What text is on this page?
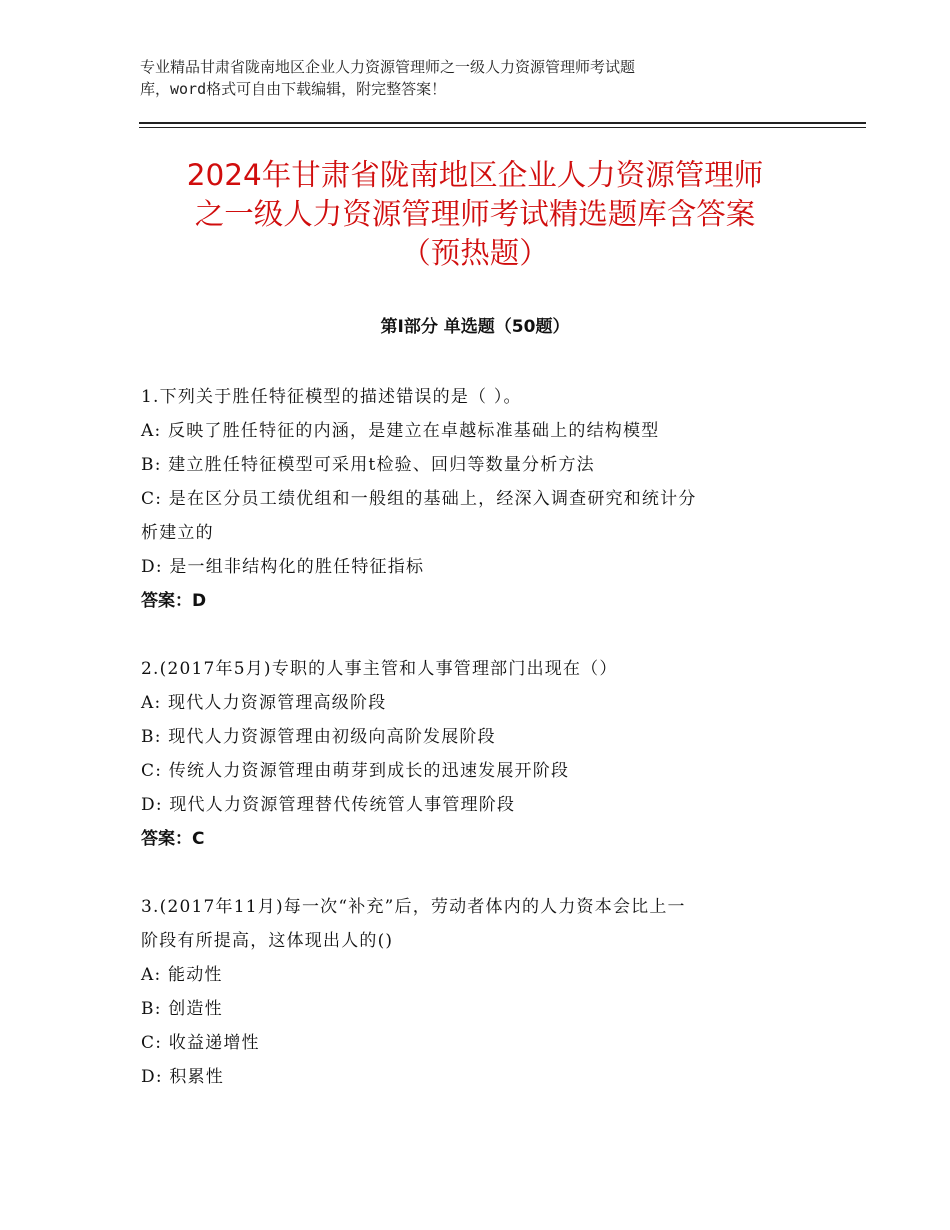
专业精品甘肃省陇南地区企业人力资源管理师之一级人力资源管理师考试题
库，word格式可自由下载编辑，附完整答案！
2024年甘肃省陇南地区企业人力资源管理师
之一级人力资源管理师考试精选题库含答案
（预热题）
第Ⅰ部分 单选题（50题）
1.下列关于胜任特征模型的描述错误的是（ ）。
A: 反映了胜任特征的内涵，是建立在卓越标准基础上的结构模型
B: 建立胜任特征模型可采用t检验、回归等数量分析方法
C: 是在区分员工绩优组和一般组的基础上，经深入调查研究和统计分
析建立的
D: 是一组非结构化的胜任特征指标
答案：D
2.(2017年5月)专职的人事主管和人事管理部门出现在（）
A: 现代人力资源管理高级阶段
B: 现代人力资源管理由初级向高阶发展阶段
C: 传统人力资源管理由萌芽到成长的迅速发展开阶段
D: 现代人力资源管理替代传统管人事管理阶段
答案：C
3.(2017年11月)每一次“补充”后，劳动者体内的人力资本会比上一
阶段有所提高，这体现出人的()
A: 能动性
B: 创造性
C: 收益递增性
D: 积累性
